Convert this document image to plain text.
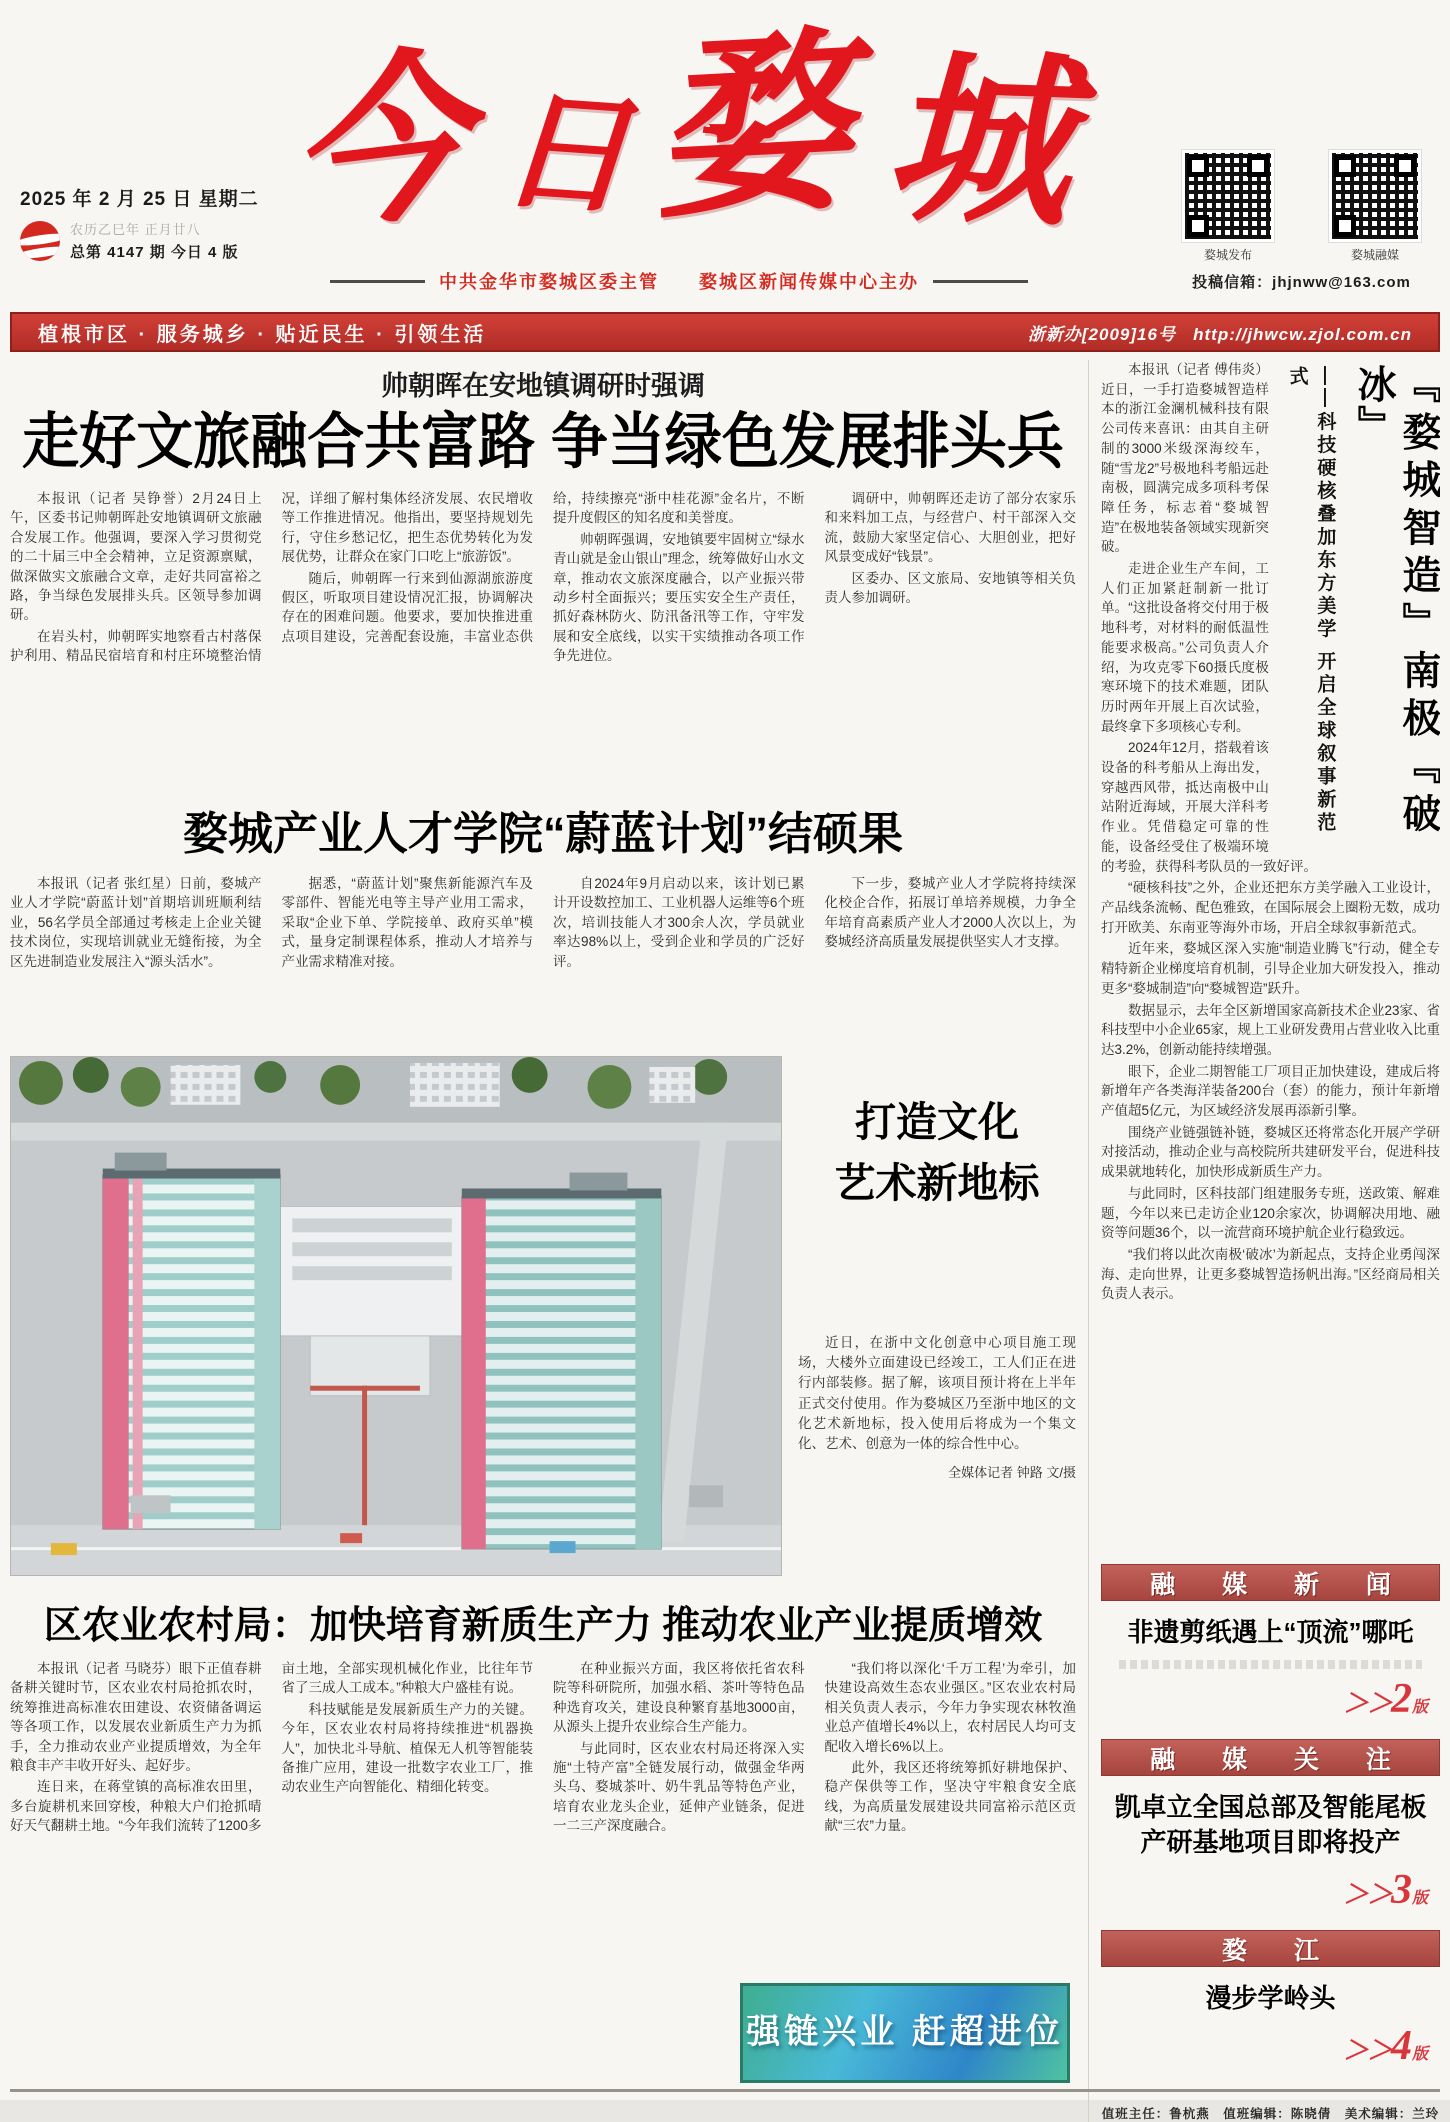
今 日 婺 城
2025 年 2 月 25 日 星期二
农历乙巳年 正月廿八
总第 4147 期 今日 4 版
中共金华市婺城区委主管　　婺城区新闻传媒中心主办
婺城发布	婺城融媒
投稿信箱：jhjnww@163.com
植根市区 · 服务城乡 · 贴近民生 · 引领生活	浙新办[2009]16号 http://jhwcw.zjol.com.cn
帅朝晖在安地镇调研时强调
走好文旅融合共富路 争当绿色发展排头兵

本报讯（记者 吴铮誉）2月24日上午，区委书记帅朝晖赴安地镇调研文旅融合发展工作。他强调，要深入学习贯彻党的二十届三中全会精神，立足资源禀赋，做深做实文旅融合文章，走好共同富裕之路，争当绿色发展排头兵。区领导参加调研。

在岩头村，帅朝晖实地察看古村落保护利用、精品民宿培育和村庄环境整治情况，详细了解村集体经济发展、农民增收等工作推进情况。他指出，要坚持规划先行，守住乡愁记忆，把生态优势转化为发展优势，让群众在家门口吃上“旅游饭”。

随后，帅朝晖一行来到仙源湖旅游度假区，听取项目建设情况汇报，协调解决存在的困难问题。他要求，要加快推进重点项目建设，完善配套设施，丰富业态供给，持续擦亮“浙中桂花源”金名片，不断提升度假区的知名度和美誉度。

帅朝晖强调，安地镇要牢固树立“绿水青山就是金山银山”理念，统筹做好山水文章，推动农文旅深度融合，以产业振兴带动乡村全面振兴；要压实安全生产责任，抓好森林防火、防汛备汛等工作，守牢发展和安全底线，以实干实绩推动各项工作争先进位。

调研中，帅朝晖还走访了部分农家乐和来料加工点，与经营户、村干部深入交流，鼓励大家坚定信心、大胆创业，把好风景变成好“钱景”。

区委办、区文旅局、安地镇等相关负责人参加调研。

婺城产业人才学院“蔚蓝计划”结硕果

本报讯（记者 张红星）日前，婺城产业人才学院“蔚蓝计划”首期培训班顺利结业，56名学员全部通过考核走上企业关键技术岗位，实现培训就业无缝衔接，为全区先进制造业发展注入“源头活水”。

据悉，“蔚蓝计划”聚焦新能源汽车及零部件、智能光电等主导产业用工需求，采取“企业下单、学院接单、政府买单”模式，量身定制课程体系，推动人才培养与产业需求精准对接。

自2024年9月启动以来，该计划已累计开设数控加工、工业机器人运维等6个班次，培训技能人才300余人次，学员就业率达98%以上，受到企业和学员的广泛好评。

下一步，婺城产业人才学院将持续深化校企合作，拓展订单培养规模，力争全年培育高素质产业人才2000人次以上，为婺城经济高质量发展提供坚实人才支撑。

打造文化
艺术新地标
近日，在浙中文化创意中心项目施工现场，大楼外立面建设已经竣工，工人们正在进行内部装修。据了解，该项目预计将在上半年正式交付使用。作为婺城区乃至浙中地区的文化艺术新地标，投入使用后将成为一个集文化、艺术、创意为一体的综合性中心。
全媒体记者 钟路 文/摄
区农业农村局：加快培育新质生产力 推动农业产业提质增效
强链兴业 赶超进位

本报讯（记者 马晓芬）眼下正值春耕备耕关键时节，区农业农村局抢抓农时，统筹推进高标准农田建设、农资储备调运等各项工作，以发展农业新质生产力为抓手，全力推动农业产业提质增效，为全年粮食丰产丰收开好头、起好步。

连日来，在蒋堂镇的高标准农田里，多台旋耕机来回穿梭，种粮大户们抢抓晴好天气翻耕土地。“今年我们流转了1200多亩土地，全部实现机械化作业，比往年节省了三成人工成本。”种粮大户盛桂有说。

科技赋能是发展新质生产力的关键。今年，区农业农村局将持续推进“机器换人”，加快北斗导航、植保无人机等智能装备推广应用，建设一批数字农业工厂，推动农业生产向智能化、精细化转变。

在种业振兴方面，我区将依托省农科院等科研院所，加强水稻、茶叶等特色品种选育攻关，建设良种繁育基地3000亩，从源头上提升农业综合生产能力。

与此同时，区农业农村局还将深入实施“土特产富”全链发展行动，做强金华两头乌、婺城茶叶、奶牛乳品等特色产业，培育农业龙头企业，延伸产业链条，促进一二三产深度融合。

“我们将以深化‘千万工程’为牵引，加快建设高效生态农业强区。”区农业农村局相关负责人表示，今年力争实现农林牧渔业总产值增长4%以上，农村居民人均可支配收入增长6%以上。

此外，我区还将统筹抓好耕地保护、稳产保供等工作，坚决守牢粮食安全底线，为高质量发展建设共同富裕示范区贡献“三农”力量。

『婺城智造』南极『破冰』
——科技硬核叠加东方美学 开启全球叙事新范式

本报讯（记者 傅伟炎）近日，一手打造婺城智造样本的浙江金澜机械科技有限公司传来喜讯：由其自主研制的3000米级深海绞车，随“雪龙2”号极地科考船远赴南极，圆满完成多项科考保障任务，标志着“婺城智造”在极地装备领域实现新突破。

走进企业生产车间，工人们正加紧赶制新一批订单。“这批设备将交付用于极地科考，对材料的耐低温性能要求极高。”公司负责人介绍，为攻克零下60摄氏度极寒环境下的技术难题，团队历时两年开展上百次试验，最终拿下多项核心专利。

2024年12月，搭载着该设备的科考船从上海出发，穿越西风带，抵达南极中山站附近海域，开展大洋科考作业。凭借稳定可靠的性能，设备经受住了极端环境的考验，获得科考队员的一致好评。

“硬核科技”之外，企业还把东方美学融入工业设计，产品线条流畅、配色雅致，在国际展会上圈粉无数，成功打开欧美、东南亚等海外市场，开启全球叙事新范式。

近年来，婺城区深入实施“制造业腾飞”行动，健全专精特新企业梯度培育机制，引导企业加大研发投入，推动更多“婺城制造”向“婺城智造”跃升。

数据显示，去年全区新增国家高新技术企业23家、省科技型中小企业65家，规上工业研发费用占营业收入比重达3.2%，创新动能持续增强。

眼下，企业二期智能工厂项目正加快建设，建成后将新增年产各类海洋装备200台（套）的能力，预计年新增产值超5亿元，为区域经济发展再添新引擎。

围绕产业链强链补链，婺城区还将常态化开展产学研对接活动，推动企业与高校院所共建研发平台，促进科技成果就地转化，加快形成新质生产力。

与此同时，区科技部门组建服务专班，送政策、解难题，今年以来已走访企业120余家次，协调解决用地、融资等问题36个，以一流营商环境护航企业行稳致远。

“我们将以此次南极‘破冰’为新起点，支持企业勇闯深海、走向世界，让更多婺城智造扬帆出海。”区经商局相关负责人表示。

融 媒 新 闻
非遗剪纸遇上“顶流”哪吒
＞＞2版
融 媒 关 注
凯卓立全国总部及智能尾板产研基地项目即将投产
＞＞3版
婺 江
漫步学岭头
＞＞4版
值班主任：鲁杭燕　值班编辑：陈晓倩　美术编辑：兰玲
